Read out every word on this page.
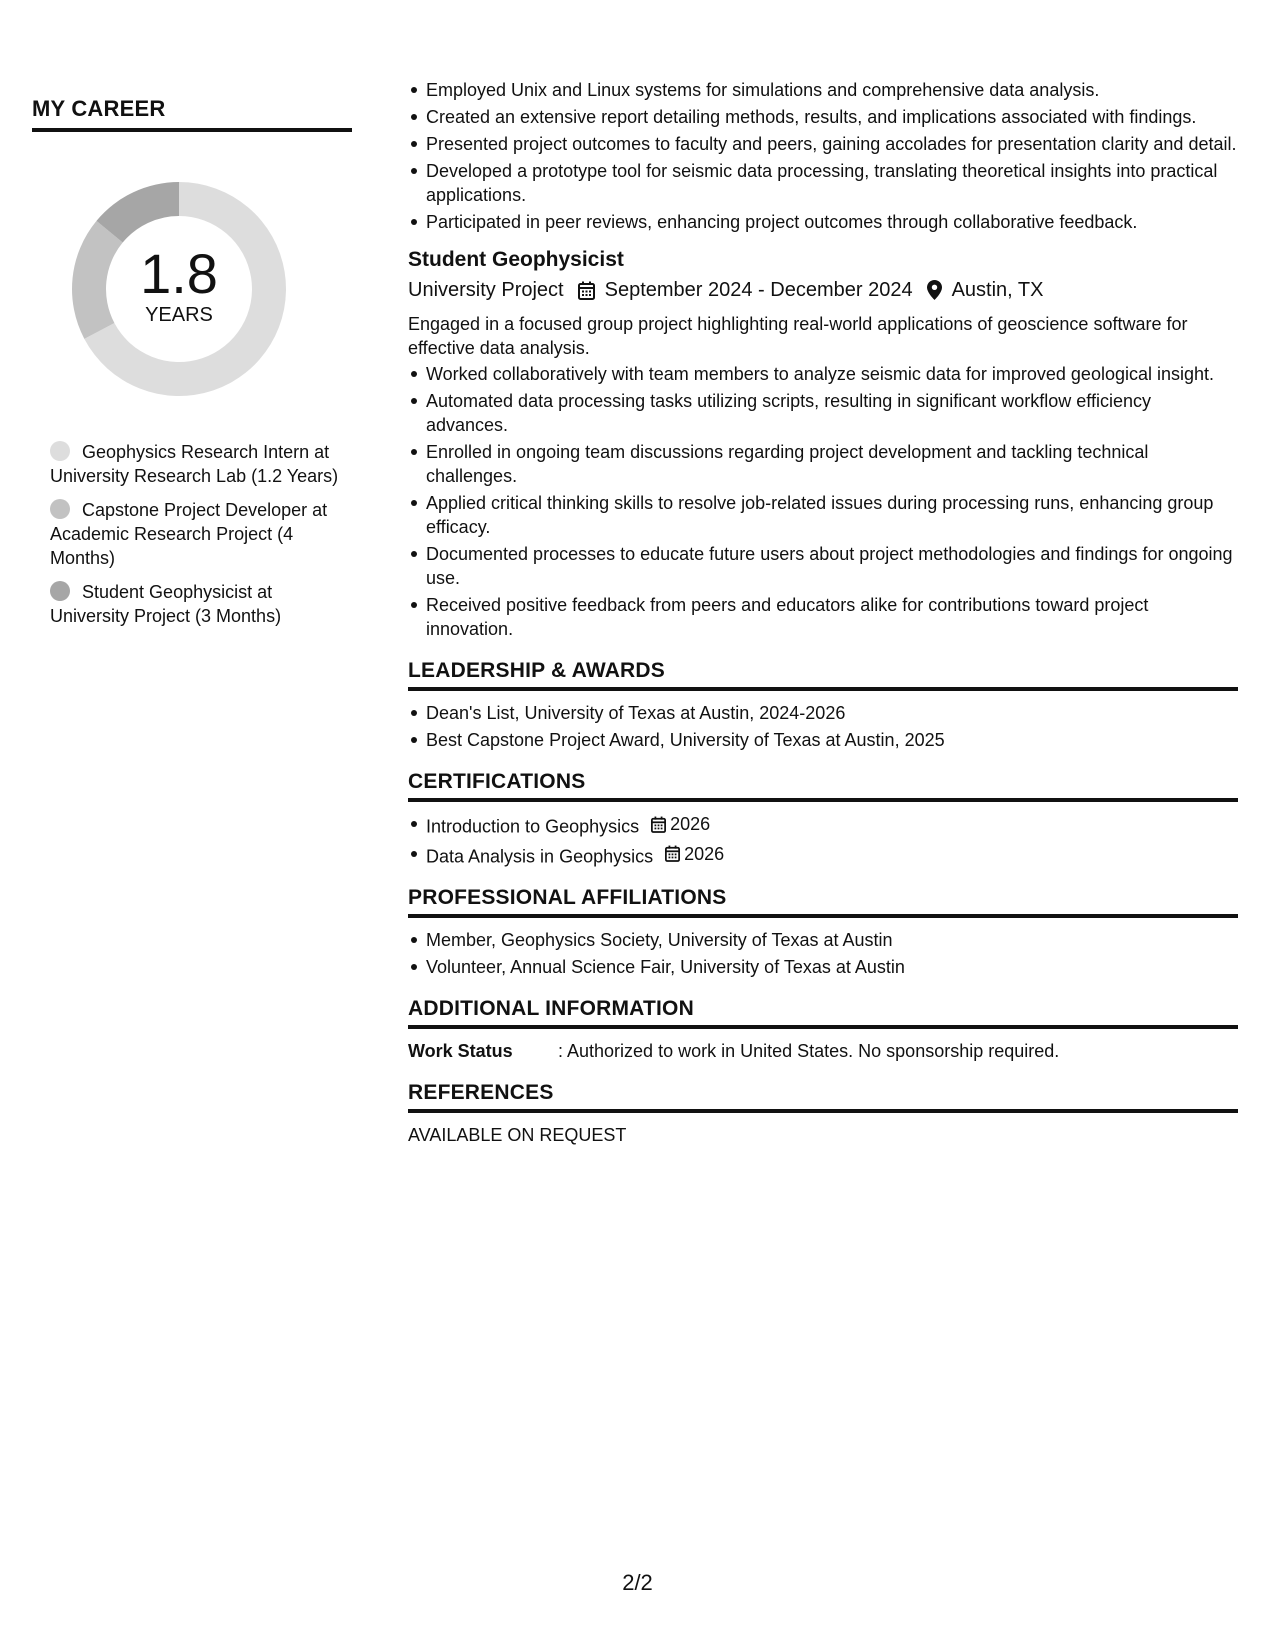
MY CAREER
1.8
YEARS
Geophysics Research Intern at University Research Lab (1.2 Years)
Capstone Project Developer at Academic Research Project (4 Months)
Student Geophysicist at University Project (3 Months)
Employed Unix and Linux systems for simulations and comprehensive data analysis.
Created an extensive report detailing methods, results, and implications associated with findings.
Presented project outcomes to faculty and peers, gaining accolades for presentation clarity and detail.
Developed a prototype tool for seismic data processing, translating theoretical insights into practical applications.
Participated in peer reviews, enhancing project outcomes through collaborative feedback.
Student Geophysicist
University Project September 2024 - December 2024 Austin, TX
Engaged in a focused group project highlighting real-world applications of geoscience software for effective data analysis.
Worked collaboratively with team members to analyze seismic data for improved geological insight.
Automated data processing tasks utilizing scripts, resulting in significant workflow efficiency advances.
Enrolled in ongoing team discussions regarding project development and tackling technical challenges.
Applied critical thinking skills to resolve job-related issues during processing runs, enhancing group efficacy.
Documented processes to educate future users about project methodologies and findings for ongoing use.
Received positive feedback from peers and educators alike for contributions toward project innovation.
LEADERSHIP & AWARDS
Dean's List, University of Texas at Austin, 2024-2026
Best Capstone Project Award, University of Texas at Austin, 2025
CERTIFICATIONS
Introduction to Geophysics 2026
Data Analysis in Geophysics 2026
PROFESSIONAL AFFILIATIONS
Member, Geophysics Society, University of Texas at Austin
Volunteer, Annual Science Fair, University of Texas at Austin
ADDITIONAL INFORMATION
Work Status	: Authorized to work in United States. No sponsorship required.
REFERENCES
AVAILABLE ON REQUEST
2/2
